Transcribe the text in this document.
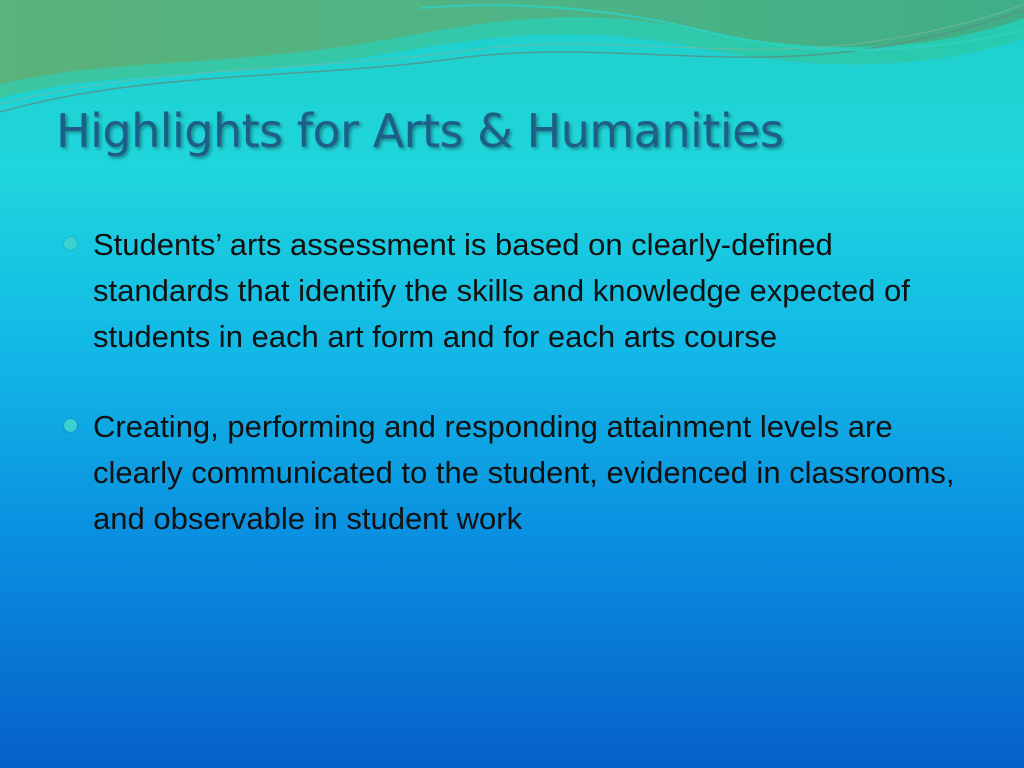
Highlights for Arts & Humanities
Students’ arts assessment is based on clearly-defined standards that identify the skills and knowledge expected of students in each art form and for each arts course
Creating, performing and responding attainment levels are clearly communicated to the student, evidenced in classrooms, and observable in student work
